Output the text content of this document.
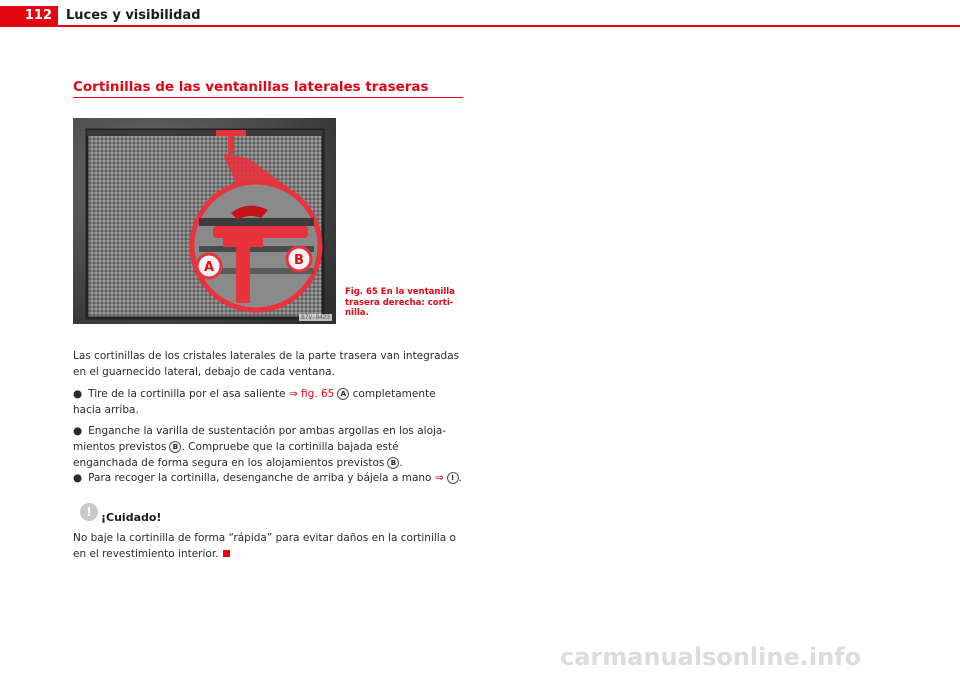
112	Luces y visibilidad
Cortinillas de las ventanillas laterales traseras
A	B
B7V-0423
Fig. 65 En la ventanilla trasera derecha: corti-nilla.

Las cortinillas de los cristales laterales de la parte trasera van integradas en el guarnecido lateral, debajo de cada ventana.

● Tire de la cortinilla por el asa saliente ⇒ fig. 65 A completamente hacia arriba.

● Enganche la varilla de sustentación por ambas argollas en los aloja-mientos previstos B . Compruebe que la cortinilla bajada esté enganchada de forma segura en los alojamientos previstos B .

● Para recoger la cortinilla, desenganche de arriba y bájela a mano ⇒ ! .

! ¡Cuidado!

No baje la cortinilla de forma “rápida” para evitar daños en la cortinilla o en el revestimiento interior.

carmanualsonline.info
